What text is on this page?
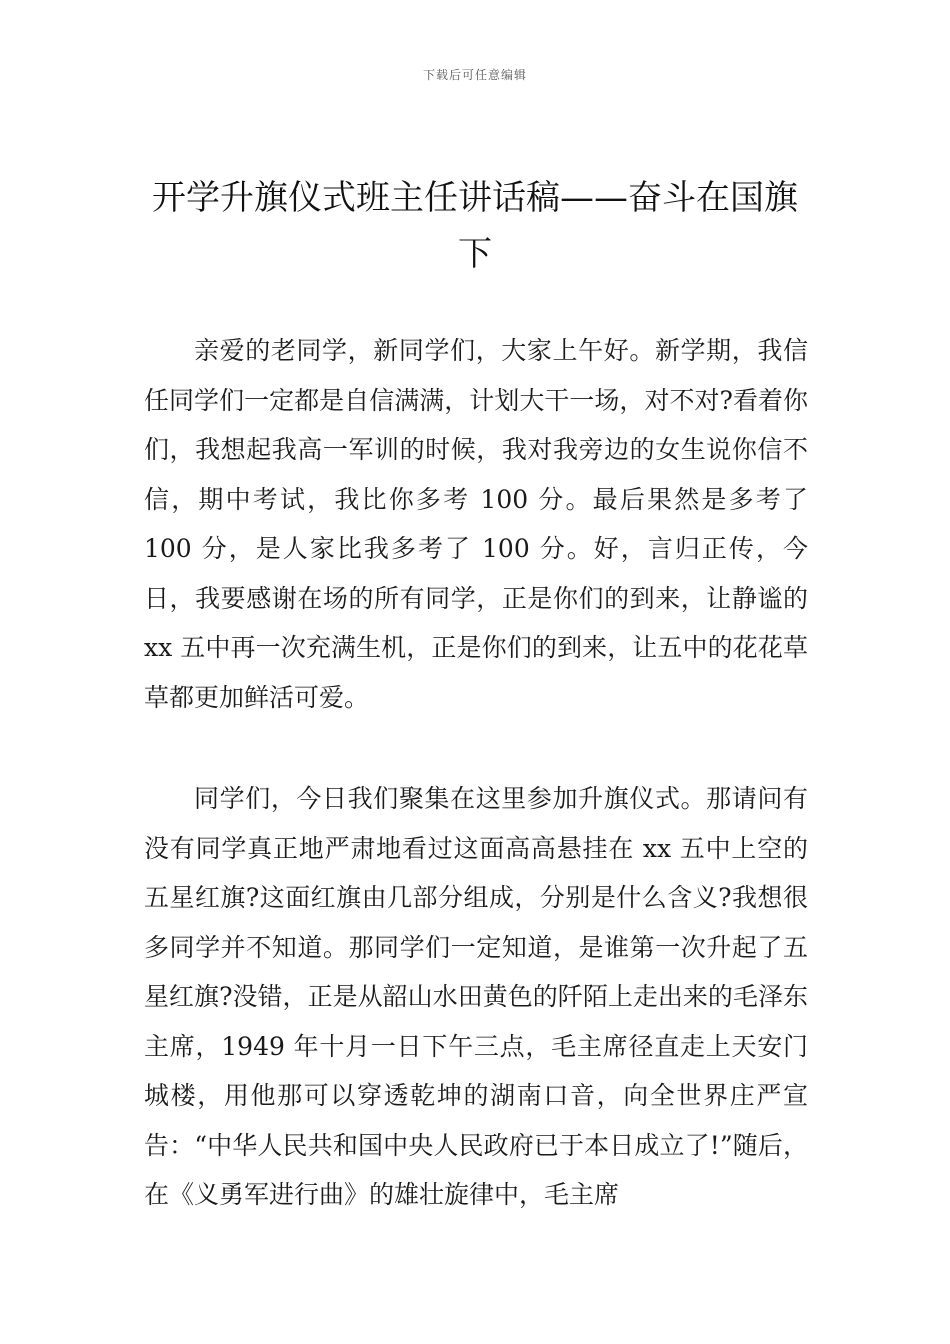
下载后可任意编辑
开学升旗仪式班主任讲话稿——奋斗在国旗下

亲爱的老同学，新同学们，大家上午好。新学期，我信任同学们一定都是自信满满，计划大干一场，对不对?看着你们，我想起我高一军训的时候，我对我旁边的女生说你信不信，期中考试，我比你多考 100 分。最后果然是多考了 100 分，是人家比我多考了 100 分。好，言归正传，今日，我要感谢在场的所有同学，正是你们的到来，让静谧的 xx 五中再一次充满生机，正是你们的到来，让五中的花花草草都更加鲜活可爱。

同学们，今日我们聚集在这里参加升旗仪式。那请问有没有同学真正地严肃地看过这面高高悬挂在 xx 五中上空的五星红旗?这面红旗由几部分组成，分别是什么含义?我想很多同学并不知道。那同学们一定知道，是谁第一次升起了五星红旗?没错，正是从韶山水田黄色的阡陌上走出来的毛泽东主席，1949 年十月一日下午三点，毛主席径直走上天安门城楼，用他那可以穿透乾坤的湖南口音，向全世界庄严宣告：“中华人民共和国中央人民政府已于本日成立了!”随后，在《义勇军进行曲》的雄壮旋律中，毛主席
